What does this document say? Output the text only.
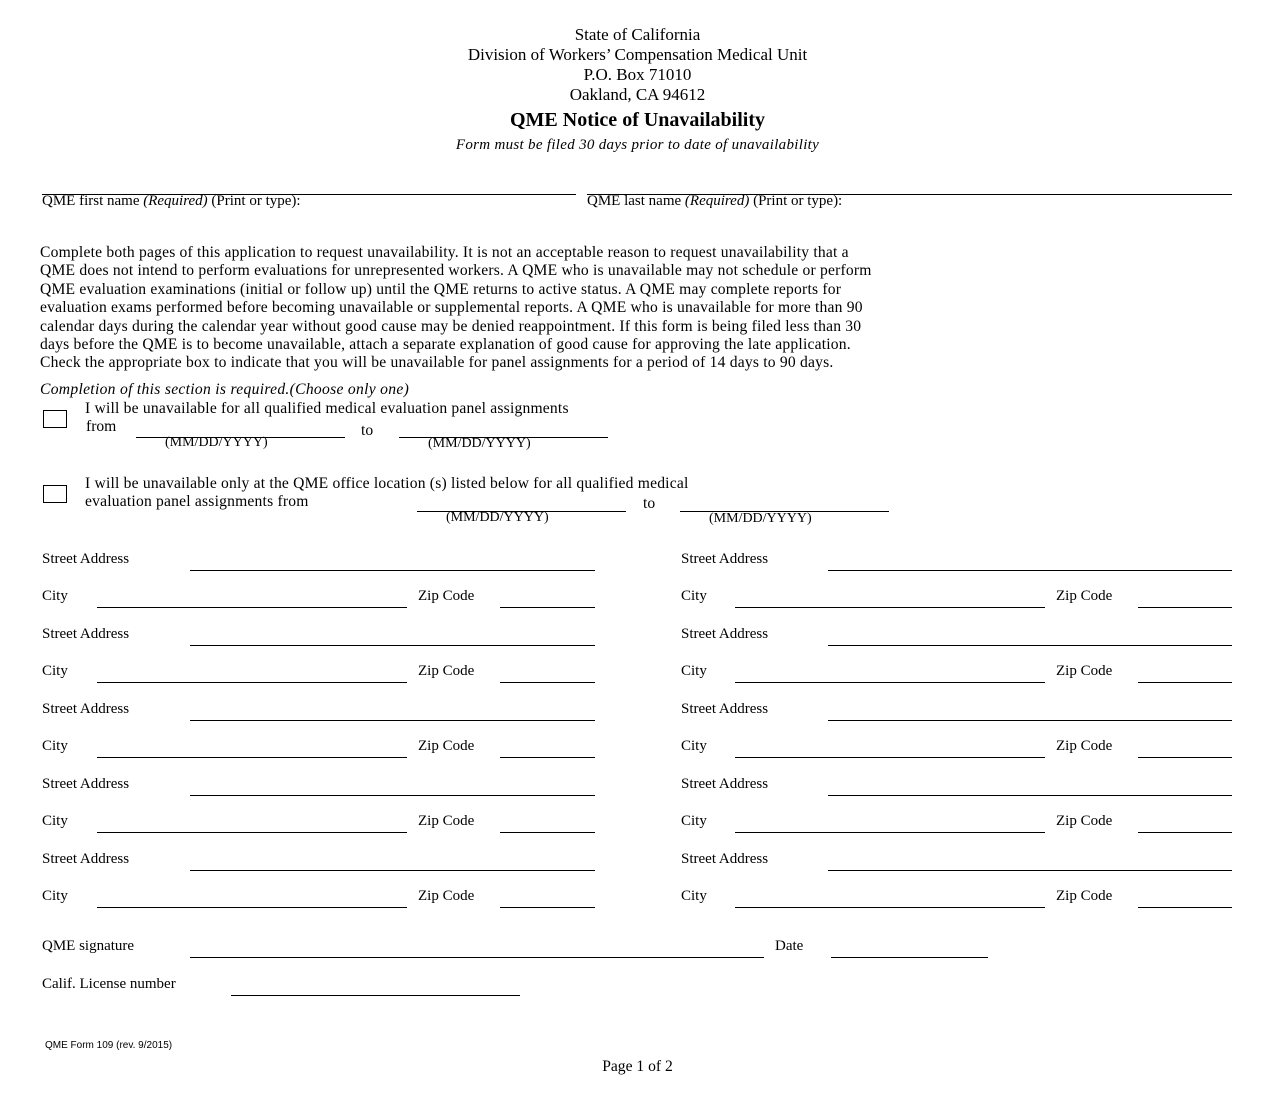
State of California
Division of Workers’ Compensation Medical Unit
P.O. Box 71010
Oakland, CA 94612
QME Notice of Unavailability
Form must be filed 30 days prior to date of unavailability
QME first name (Required) (Print or type):	QME last name (Required) (Print or type):

Complete both pages of this application to request unavailability. It is not an acceptable reason to request unavailability that a

QME does not intend to perform evaluations for unrepresented workers. A QME who is unavailable may not schedule or perform

QME evaluation examinations (initial or follow up) until the QME returns to active status. A QME may complete reports for

evaluation exams performed before becoming unavailable or supplemental reports. A QME who is unavailable for more than 90

calendar days during the calendar year without good cause may be denied reappointment. If this form is being filed less than 30

days before the QME is to become unavailable, attach a separate explanation of good cause for approving the late application.

Check the appropriate box to indicate that you will be unavailable for panel assignments for a period of 14 days to 90 days.

Completion of this section is required.(Choose only one)
I will be unavailable for all qualified medical evaluation panel assignments
from
(MM/DD/YYYY)
to
(MM/DD/YYYY)
I will be unavailable only at the QME office location (s) listed below for all qualified medical
evaluation panel assignments from
(MM/DD/YYYY)
to
(MM/DD/YYYY)
Street Address
City	Zip Code
Street Address
City	Zip Code
Street Address
City	Zip Code
Street Address
City	Zip Code
Street Address
City	Zip Code
Street Address
City	Zip Code
Street Address
City	Zip Code
Street Address
City	Zip Code
Street Address
City	Zip Code
Street Address
City	Zip Code
QME signature	Date
Calif. License number
QME Form 109 (rev. 9/2015)
Page 1 of 2
